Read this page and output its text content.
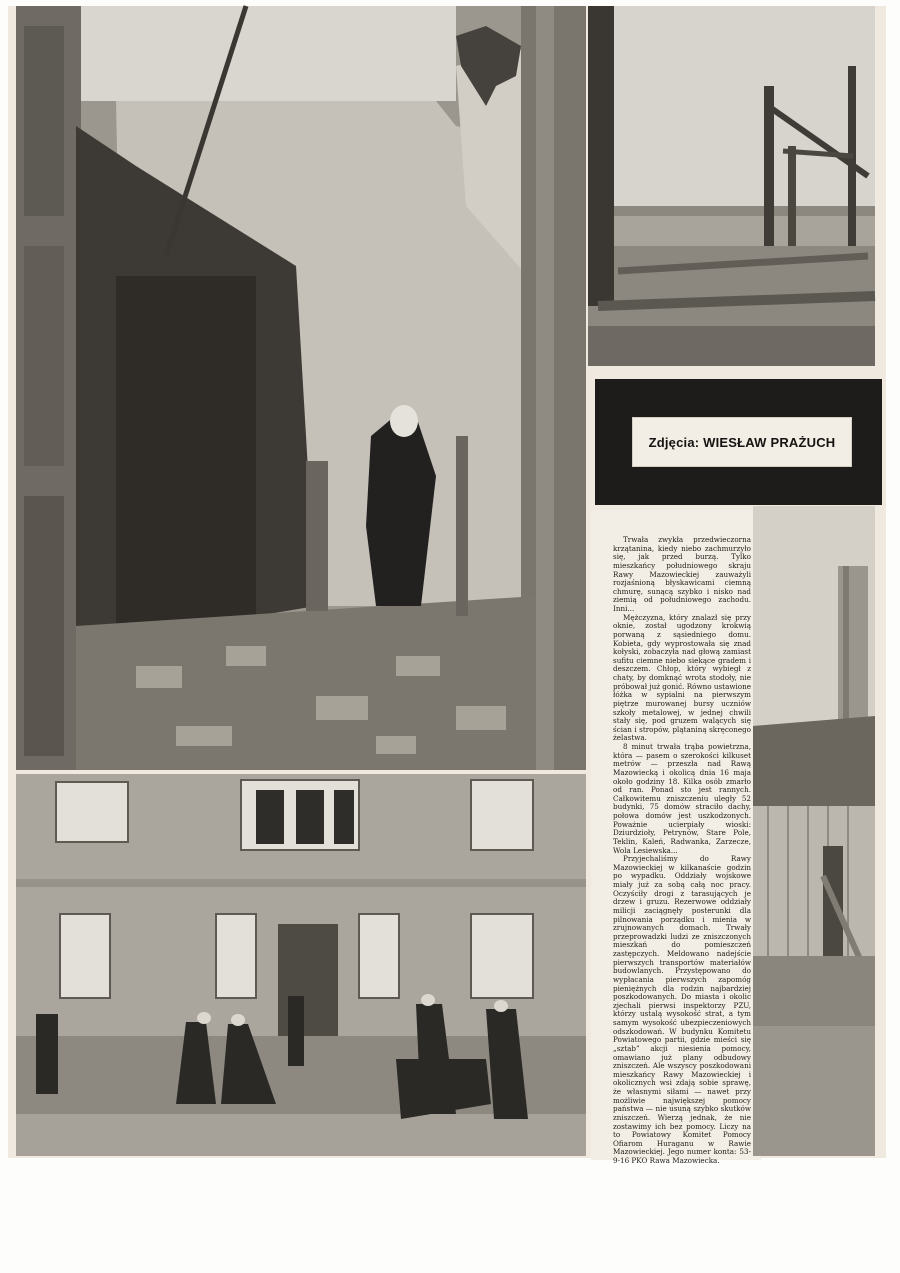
Zdjęcia: WIESŁAW PRAŻUCH

Trwała zwykła przedwieczorna krzątanina, kiedy niebo zachmurzyło się, jak przed burzą. Tylko mieszkańcy południowego skraju Rawy Mazowieckiej zauważyli rozjaśnioną błyskawicami ciemną chmurę, sunącą szybko i nisko nad ziemią od południowego zachodu. Inni...

Mężczyzna, który znalazł się przy oknie, został ugodzony krokwią porwaną z sąsiedniego domu. Kobieta, gdy wyprostowała się znad kołyski, zobaczyła nad głową zamiast sufitu ciemne niebo siekące gradem i deszczem. Chłop, który wybiegł z chaty, by domknąć wrota stodoły, nie próbował już gonić. Równo ustawione łóżka w sypialni na pierwszym piętrze murowanej bursy uczniów szkoły metalowej, w jednej chwili stały się, pod gruzem walących się ścian i stropów, plątaniną skręconego żelastwa.

8 minut trwała trąba powietrzna, która — pasem o szerokości kilkuset metrów — przeszła nad Rawą Mazowiecką i okolicą dnia 16 maja około godziny 18. Kilka osób zmarło od ran. Ponad sto jest rannych. Całkowitemu zniszczeniu uległy 52 budynki, 75 domów straciło dachy, połowa domów jest uszkodzonych. Poważnie ucierpiały wioski: Dziurdzioły, Petrynów, Stare Pole, Teklin, Kaleń, Radwanka, Zarzecze, Wola Lesiewska...

Przyjechaliśmy do Rawy Mazowieckiej w kilkanaście godzin po wypadku. Oddziały wojskowe miały już za sobą całą noc pracy. Oczyściły drogi z tarasujących je drzew i gruzu. Rezerwowe oddziały milicji zaciągnęły posterunki dla pilnowania porządku i mienia w zrujnowanych domach. Trwały przeprowadzki ludzi ze zniszczonych mieszkań do pomieszczeń zastępczych. Meldowano nadejście pierwszych transportów materiałów budowlanych. Przystępowano do wypłacania pierwszych zapomóg pieniężnych dla rodzin najbardziej poszkodowanych. Do miasta i okolic zjechali pierwsi inspektorzy PZU, którzy ustalą wysokość strat, a tym samym wysokość ubezpieczeniowych odszkodowań. W budynku Komitetu Powiatowego partii, gdzie mieści się „sztab” akcji niesienia pomocy, omawiano już plany odbudowy zniszczeń. Ale wszyscy poszkodowani mieszkańcy Rawy Mazowieckiej i okolicznych wsi zdają sobie sprawę, że własnymi siłami — nawet przy możliwie największej pomocy państwa — nie usuną szybko skutków zniszczeń. Wierzą jednak, że nie zostawimy ich bez pomocy. Liczy na to Powiatowy Komitet Pomocy Ofiarom Huraganu w Rawie Mazowieckiej. Jego numer konta: 53-9-16 PKO Rawa Mazowiecka.
